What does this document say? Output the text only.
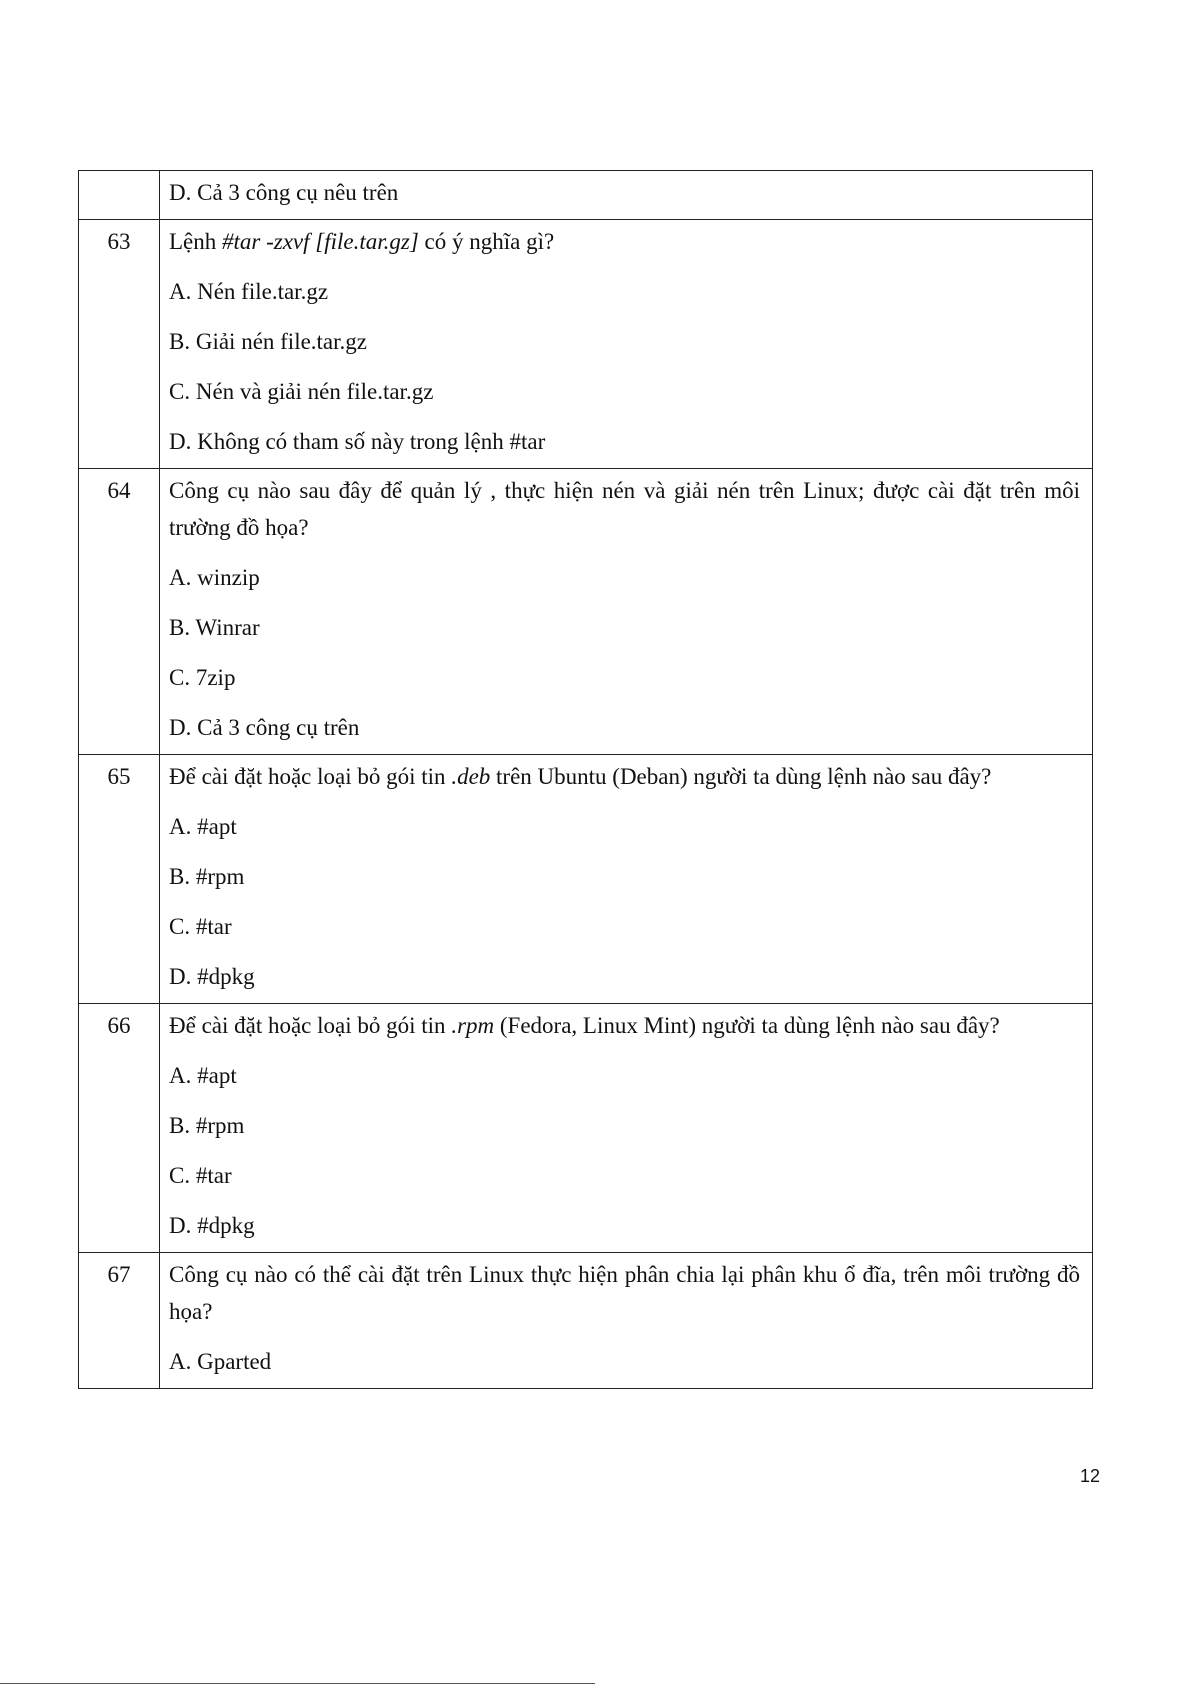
	D. Cả 3 công cụ nêu trên

63	Lệnh #tar -zxvf [file.tar.gz] có ý nghĩa gì?

A. Nén file.tar.gz
B. Giải nén file.tar.gz
C. Nén và giải nén file.tar.gz
D. Không có tham số này trong lệnh #tar

64	Công cụ nào sau đây để quản lý , thực hiện nén và giải nén trên Linux; được cài đặt trên môi trường đồ họa?

A. winzip
B. Winrar
C. 7zip
D. Cả 3 công cụ trên

65	Để cài đặt hoặc loại bỏ gói tin .deb trên Ubuntu (Deban) người ta dùng lệnh nào sau đây?

A. #apt
B. #rpm
C. #tar
D. #dpkg

66	Để cài đặt hoặc loại bỏ gói tin .rpm (Fedora, Linux Mint) người ta dùng lệnh nào sau đây?

A. #apt
B. #rpm
C. #tar
D. #dpkg

67	Công cụ nào có thể cài đặt trên Linux thực hiện phân chia lại phân khu ổ đĩa, trên môi trường đồ họa?

A. Gparted
12
